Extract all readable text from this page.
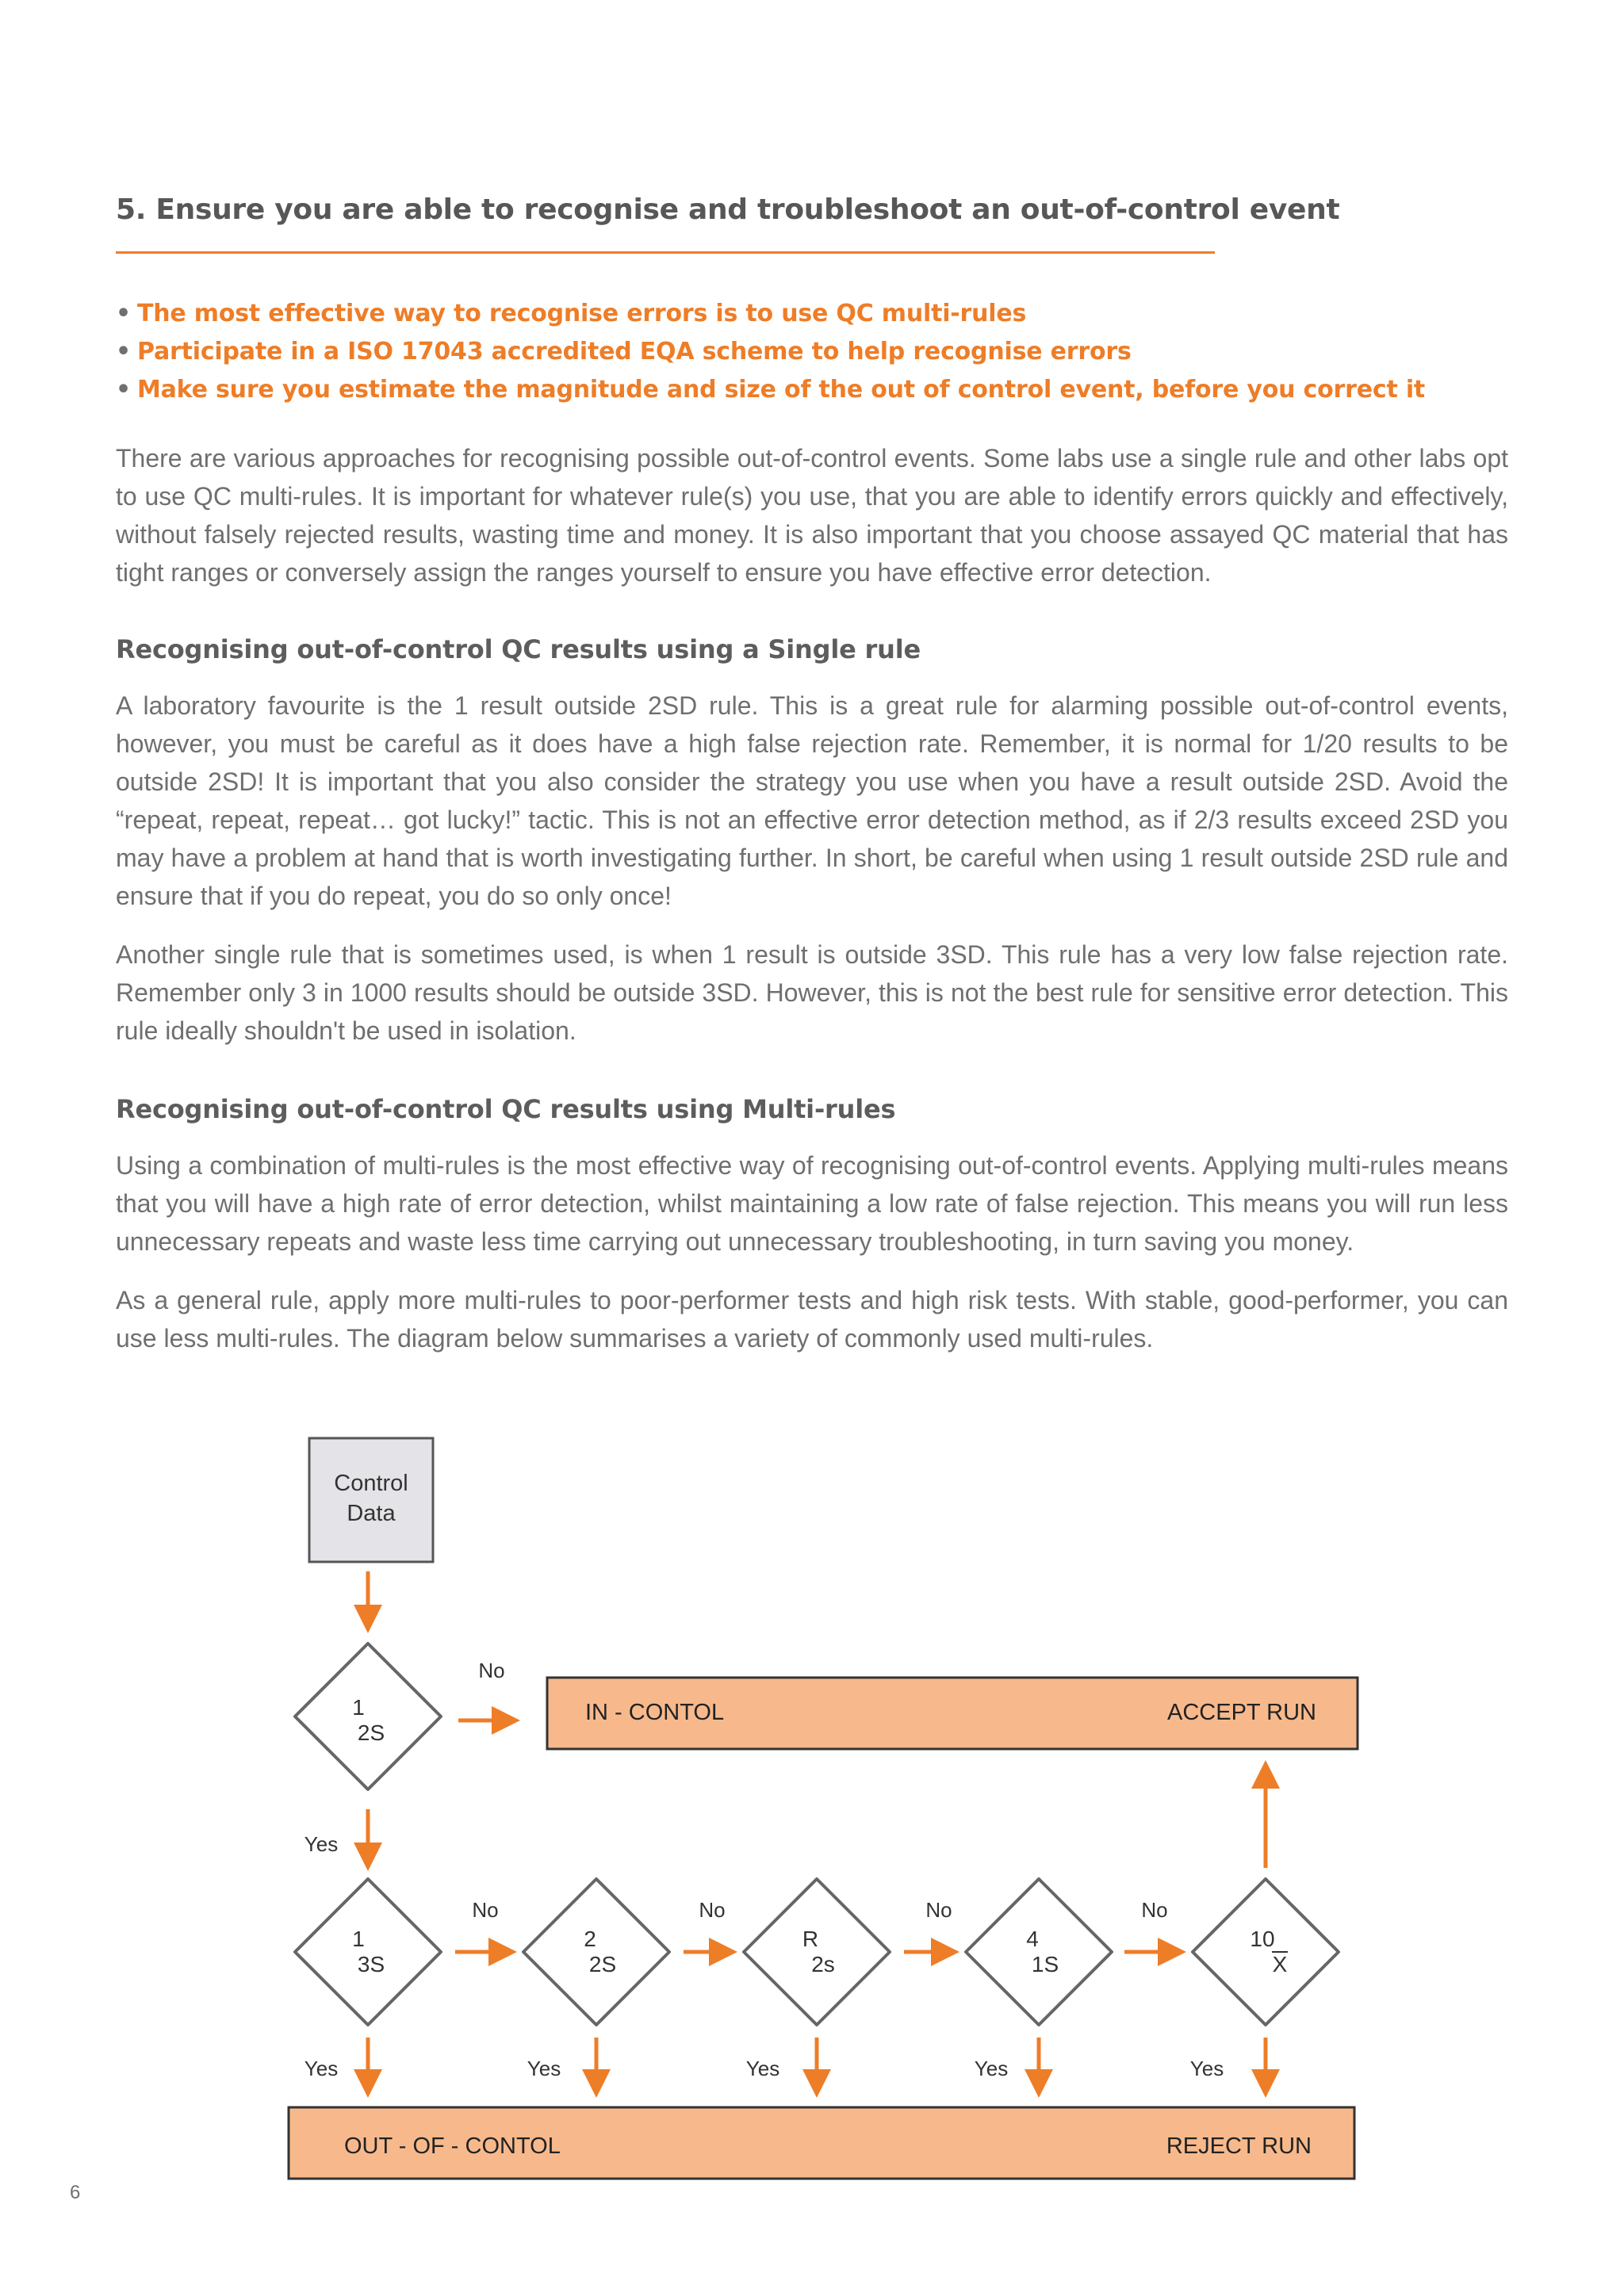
5. Ensure you are able to recognise and troubleshoot an out-of-control event
• The most effective way to recognise errors is to use QC multi-rules
• Participate in a ISO 17043 accredited EQA scheme to help recognise errors
• Make sure you estimate the magnitude and size of the out of control event, before you correct it

There are various approaches for recognising possible out-of-control events. Some labs use a single rule and other labs opt to use QC multi-rules. It is important for whatever rule(s) you use, that you are able to identify errors quickly and effectively, without falsely rejected results, wasting time and money. It is also important that you choose assayed QC material that has tight ranges or conversely assign the ranges yourself to ensure you have effective error detection.

Recognising out-of-control QC results using a Single rule

A laboratory favourite is the 1 result outside 2SD rule. This is a great rule for alarming possible out-of-control events, however, you must be careful as it does have a high false rejection rate. Remember, it is normal for 1/20 results to be outside 2SD! It is important that you also consider the strategy you use when you have a result outside 2SD. Avoid the “repeat, repeat, repeat… got lucky!” tactic. This is not an effective error detection method, as if 2/3 results exceed 2SD you may have a problem at hand that is worth investigating further. In short, be careful when using 1 result outside 2SD rule and ensure that if you do repeat, you do so only once!

Another single rule that is sometimes used, is when 1 result is outside 3SD. This rule has a very low false rejection rate. Remember only 3 in 1000 results should be outside 3SD. However, this is not the best rule for sensitive error detection. This rule ideally shouldn't be used in isolation.

Recognising out-of-control QC results using Multi-rules

Using a combination of multi-rules is the most effective way of recognising out-of-control events. Applying multi-rules means that you will have a high rate of error detection, whilst maintaining a low rate of false rejection. This means you will run less unnecessary repeats and waste less time carrying out unnecessary troubleshooting, in turn saving you money.

As a general rule, apply more multi-rules to poor-performer tests and high risk tests. With stable, good-performer, you can use less multi-rules. The diagram below summarises a variety of commonly used multi-rules.

Control
Data
1
2S
No
IN - CONTOL	ACCEPT RUN
Yes
1
3S
2
2S
R
2s
4
1S
10
X
No	No	No	No
Yes	Yes	Yes	Yes	Yes
OUT - OF - CONTOL	REJECT RUN
6
